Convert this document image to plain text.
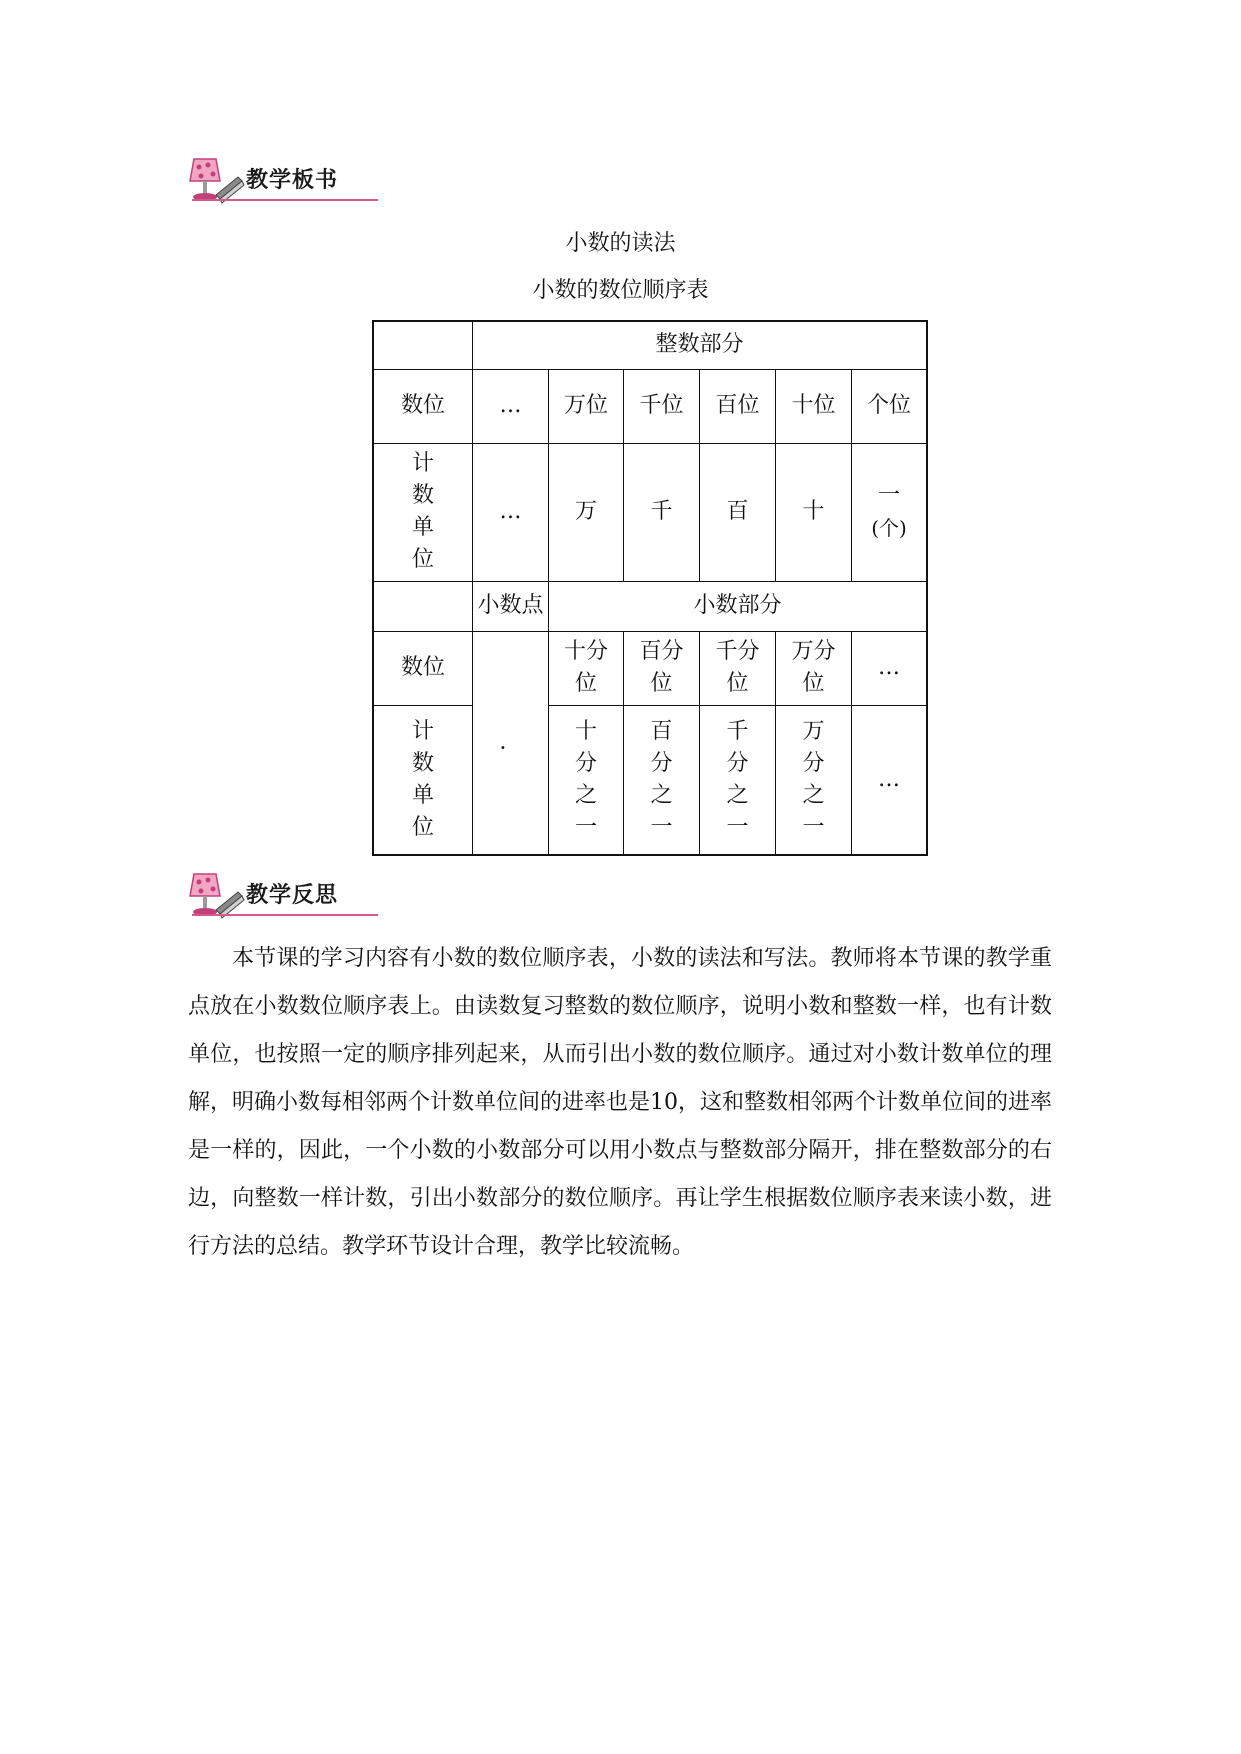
教学板书
小数的读法
小数的数位顺序表
	整数部分					
数位	…	万位	千位	百位	十位	个位
计数单位	…	万	千	百	十	一
(个)

	小数点	小数部分				
数位	．	十分位	百分位	千分位	万分位	…
计数单位		十分之一	百分之一	千分之一	万分之一	…
教学反思

本节课的学习内容有小数的数位顺序表，小数的读法和写法。教师将本节课的教学重点放在小数数位顺序表上。由读数复习整数的数位顺序，说明小数和整数一样，也有计数单位，也按照一定的顺序排列起来，从而引出小数的数位顺序。通过对小数计数单位的理解，明确小数每相邻两个计数单位间的进率也是10，这和整数相邻两个计数单位间的进率是一样的，因此，一个小数的小数部分可以用小数点与整数部分隔开，排在整数部分的右边，向整数一样计数，引出小数部分的数位顺序。再让学生根据数位顺序表来读小数，进行方法的总结。教学环节设计合理，教学比较流畅。
